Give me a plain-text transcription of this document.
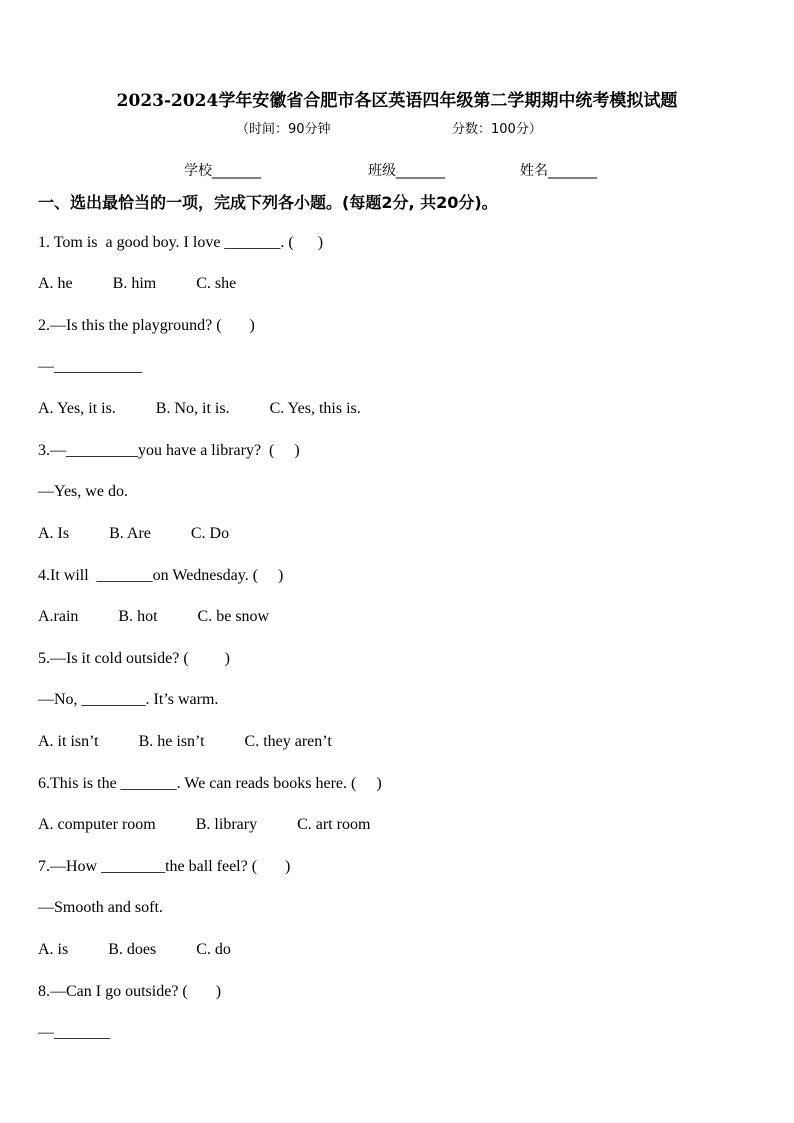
2023-2024学年安徽省合肥市各区英语四年级第二学期期中统考模拟试题
（时间：90分钟	分数：100分）
学校_______	班级_______	姓名_______
一、选出最恰当的一项，完成下列各小题。(每题2分, 共20分)。
1. Tom is  a good boy. I love _______. (      )
A. he          B. him          C. she
2.—Is this the playground? (       )
—___________
A. Yes, it is.          B. No, it is.          C. Yes, this is.
3.—_________you have a library?  (     )
—Yes, we do.
A. Is          B. Are          C. Do
4.It will  _______on Wednesday. (     )
A.rain          B. hot          C. be snow
5.—Is it cold outside? (         )
—No, ________. It’s warm.
A. it isn’t          B. he isn’t          C. they aren’t
6.This is the _______. We can reads books here. (     )
A. computer room          B. library          C. art room
7.—How ________the ball feel? (       )
—Smooth and soft.
A. is          B. does          C. do
8.—Can I go outside? (       )
—_______
